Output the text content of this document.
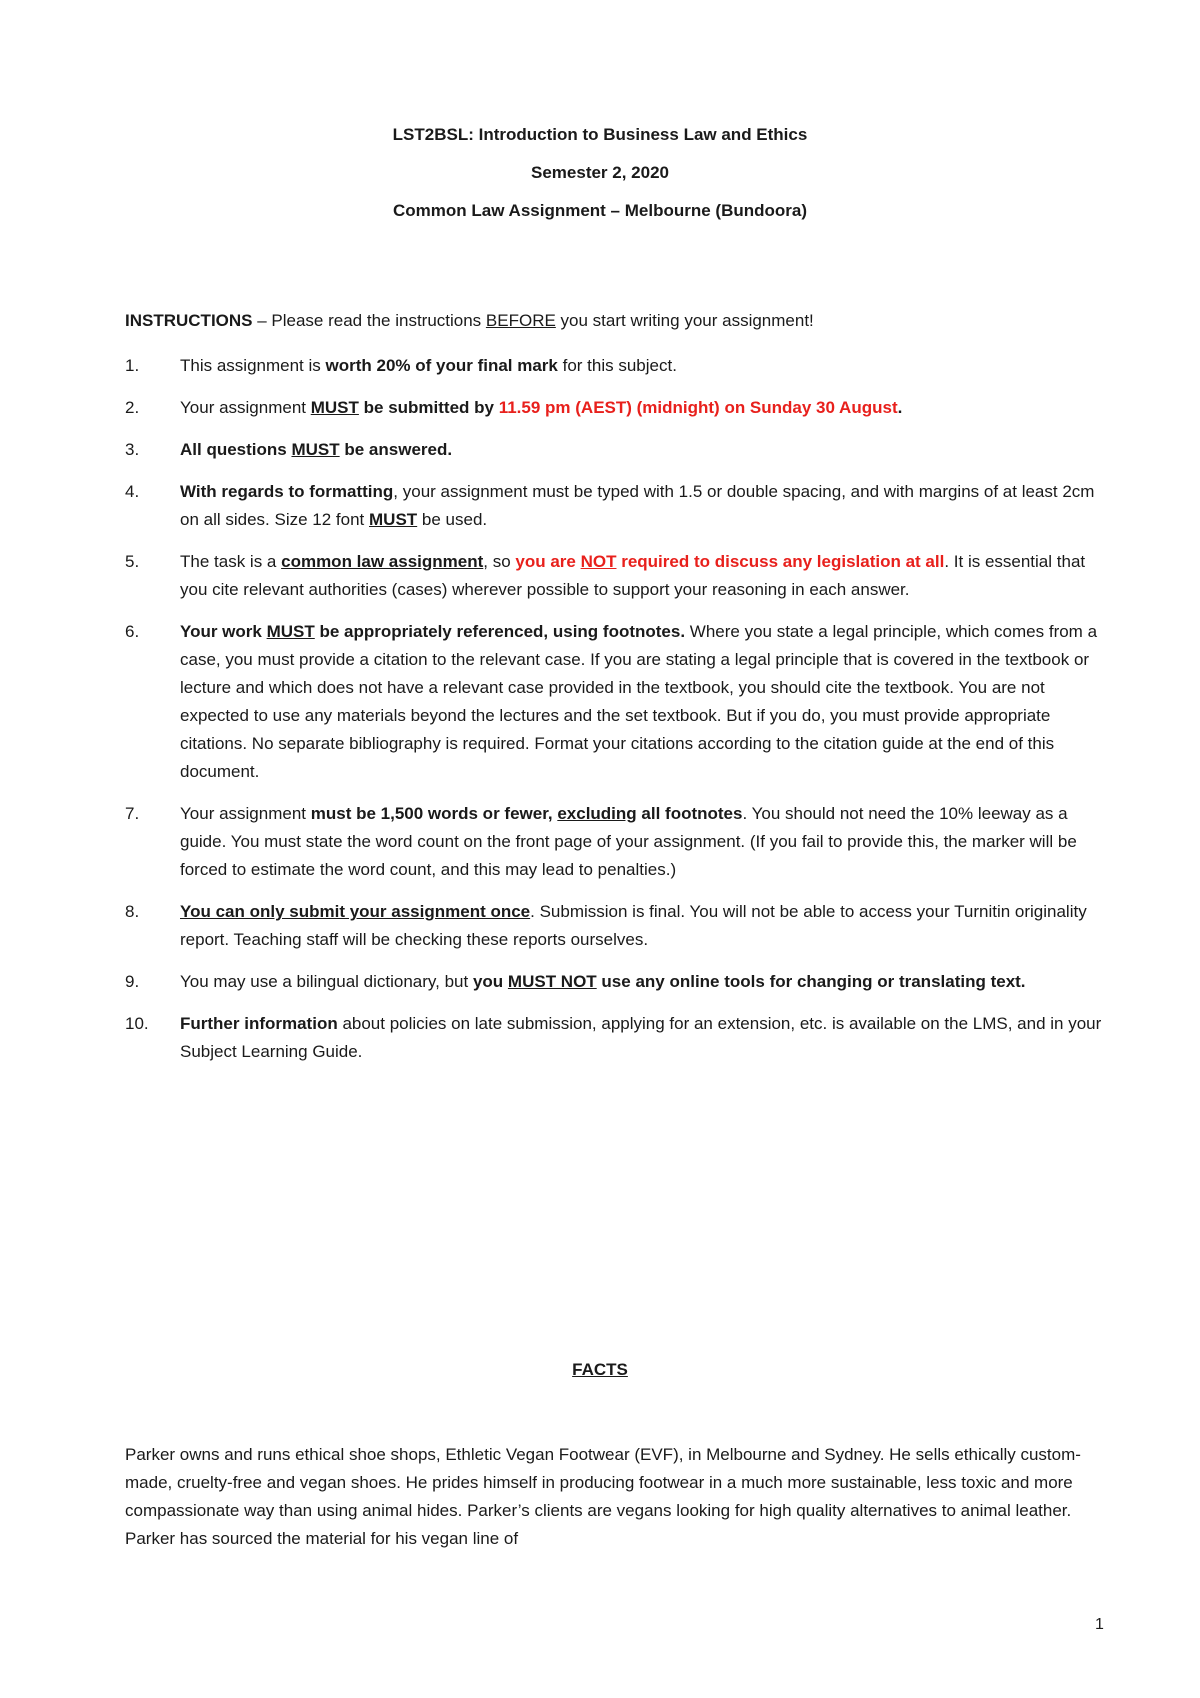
LST2BSL: Introduction to Business Law and Ethics
Semester 2, 2020
Common Law Assignment – Melbourne (Bundoora)
INSTRUCTIONS – Please read the instructions BEFORE you start writing your assignment!
1. This assignment is worth 20% of your final mark for this subject.
2. Your assignment MUST be submitted by 11.59 pm (AEST) (midnight) on Sunday 30 August.
3. All questions MUST be answered.
4. With regards to formatting, your assignment must be typed with 1.5 or double spacing, and with margins of at least 2cm on all sides. Size 12 font MUST be used.
5. The task is a common law assignment, so you are NOT required to discuss any legislation at all. It is essential that you cite relevant authorities (cases) wherever possible to support your reasoning in each answer.
6. Your work MUST be appropriately referenced, using footnotes. Where you state a legal principle, which comes from a case, you must provide a citation to the relevant case. If you are stating a legal principle that is covered in the textbook or lecture and which does not have a relevant case provided in the textbook, you should cite the textbook. You are not expected to use any materials beyond the lectures and the set textbook. But if you do, you must provide appropriate citations. No separate bibliography is required. Format your citations according to the citation guide at the end of this document.
7. Your assignment must be 1,500 words or fewer, excluding all footnotes. You should not need the 10% leeway as a guide. You must state the word count on the front page of your assignment. (If you fail to provide this, the marker will be forced to estimate the word count, and this may lead to penalties.)
8. You can only submit your assignment once. Submission is final. You will not be able to access your Turnitin originality report. Teaching staff will be checking these reports ourselves.
9. You may use a bilingual dictionary, but you MUST NOT use any online tools for changing or translating text.
10. Further information about policies on late submission, applying for an extension, etc. is available on the LMS, and in your Subject Learning Guide.
FACTS

Parker owns and runs ethical shoe shops, Ethletic Vegan Footwear (EVF), in Melbourne and Sydney. He sells ethically custom-made, cruelty-free and vegan shoes. He prides himself in producing footwear in a much more sustainable, less toxic and more compassionate way than using animal hides. Parker’s clients are vegans looking for high quality alternatives to animal leather. Parker has sourced the material for his vegan line of

1
